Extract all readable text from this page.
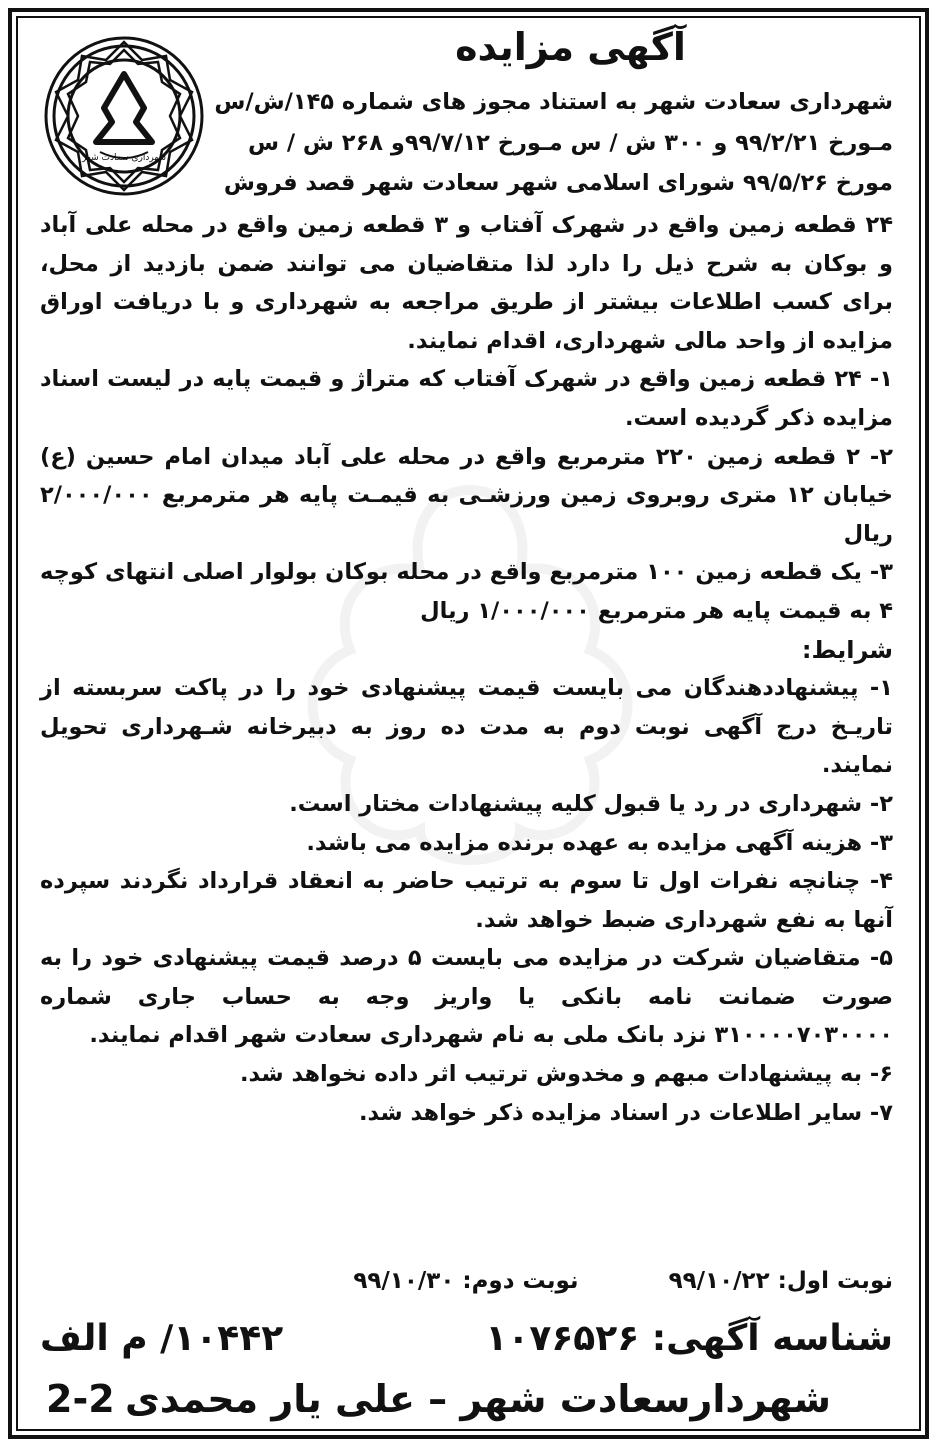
شهرداری سعادت شهر
آگهی مزایده
شهرداری سعادت شهر به استناد مجوز های شماره ۱۴۵/ش/س
مـورخ ۹۹/۲/۲۱ و ۳۰۰ ش / س مـورخ ۹۹/۷/۱۲و ۲۶۸ ش / س
مورخ ۹۹/۵/۲۶ شورای اسلامی شهر سعادت شهر قصد فروش

۲۴ قطعه زمین واقع در شهرک آفتاب و ۳ قطعه زمین واقع در محله علی آباد و بوکان به شرح ذیل را دارد لذا متقاضیان می توانند ضمن بازدید از محل، برای کسب اطلاعات بیشتر از طریق مراجعه به شهرداری و با دریافت اوراق مزایده از واحد مالی شهرداری، اقدام نمایند.

۱- ۲۴ قطعه زمین واقع در شهرک آفتاب که متراژ و قیمت پایه در لیست اسناد مزایده ذکر گردیده است.

۲- ۲ قطعه زمین ۲۲۰ مترمربع واقع در محله علی آباد میدان امام حسین (ع) خیابان ۱۲ متری روبروی زمین ورزشـی به قیمـت پایه هر مترمربع ۲/۰۰۰/۰۰۰ ریال

۳- یک قطعه زمین ۱۰۰ مترمربع واقع در محله بوکان بولوار اصلی انتهای کوچه ۴ به قیمت پایه هر مترمربع ۱/۰۰۰/۰۰۰ ریال

شرایط:

۱- پیشنهاددهندگان می بایست قیمت پیشنهادی خود را در پاکت سربسته از تاریـخ درج آگهی نوبت دوم به مدت ده روز به دبیرخانه شـهرداری تحویل نمایند.

۲- شهرداری در رد یا قبول کلیه پیشنهادات مختار است.

۳- هزینه آگهی مزایده به عهده برنده مزایده می باشد.

۴- چنانچه نفرات اول تا سوم به ترتیب حاضر به انعقاد قرارداد نگردند سپرده آنها به نفع شهرداری ضبط خواهد شد.

۵- متقاضیان شرکت در مزایده می بایست ۵ درصد قیمت پیشنهادی خود را به صورت ضمانت نامه بانکی یا واریز وجه به حساب جاری شماره ۳۱۰۰۰۰۷۰۳۰۰۰۰ نزد بانک ملی به نام شهرداری سعادت شهر اقدام نمایند.

۶- به پیشنهادات مبهم و مخدوش ترتیب اثر داده نخواهد شد.

۷- سایر اطلاعات در اسناد مزایده ذکر خواهد شد.

نوبت اول: ۹۹/۱۰/۲۲
نوبت دوم: ۹۹/۱۰/۳۰
شناسه آگهی: ۱۰۷۶۵۲۶
۱۰۴۴۲/ م الف
شهردارسعادت شهر – علی یار محمدی
2-2
